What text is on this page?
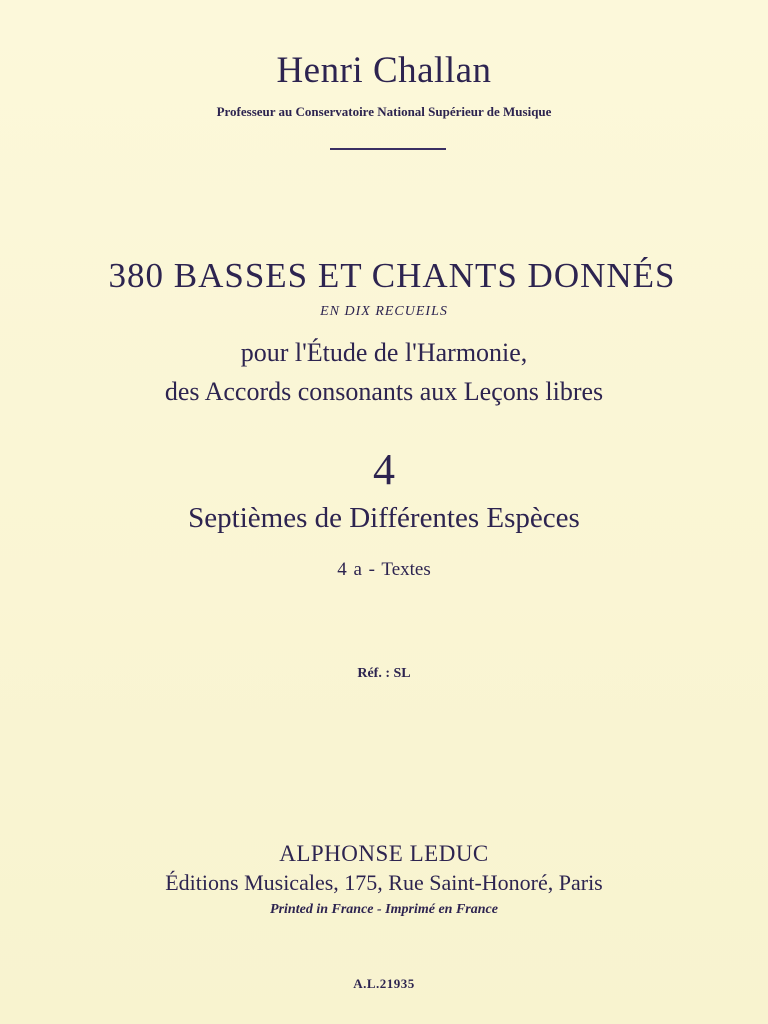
Henri Challan
Professeur au Conservatoire National Supérieur de Musique
380 BASSES ET CHANTS DONNÉS
EN DIX RECUEILS
pour l'Étude de l'Harmonie,
des Accords consonants aux Leçons libres
4
Septièmes de Différentes Espèces
4 a - Textes
Réf. : SL
ALPHONSE LEDUC
Éditions Musicales, 175, Rue Saint-Honoré, Paris
Printed in France - Imprimé en France
A.L.21935
